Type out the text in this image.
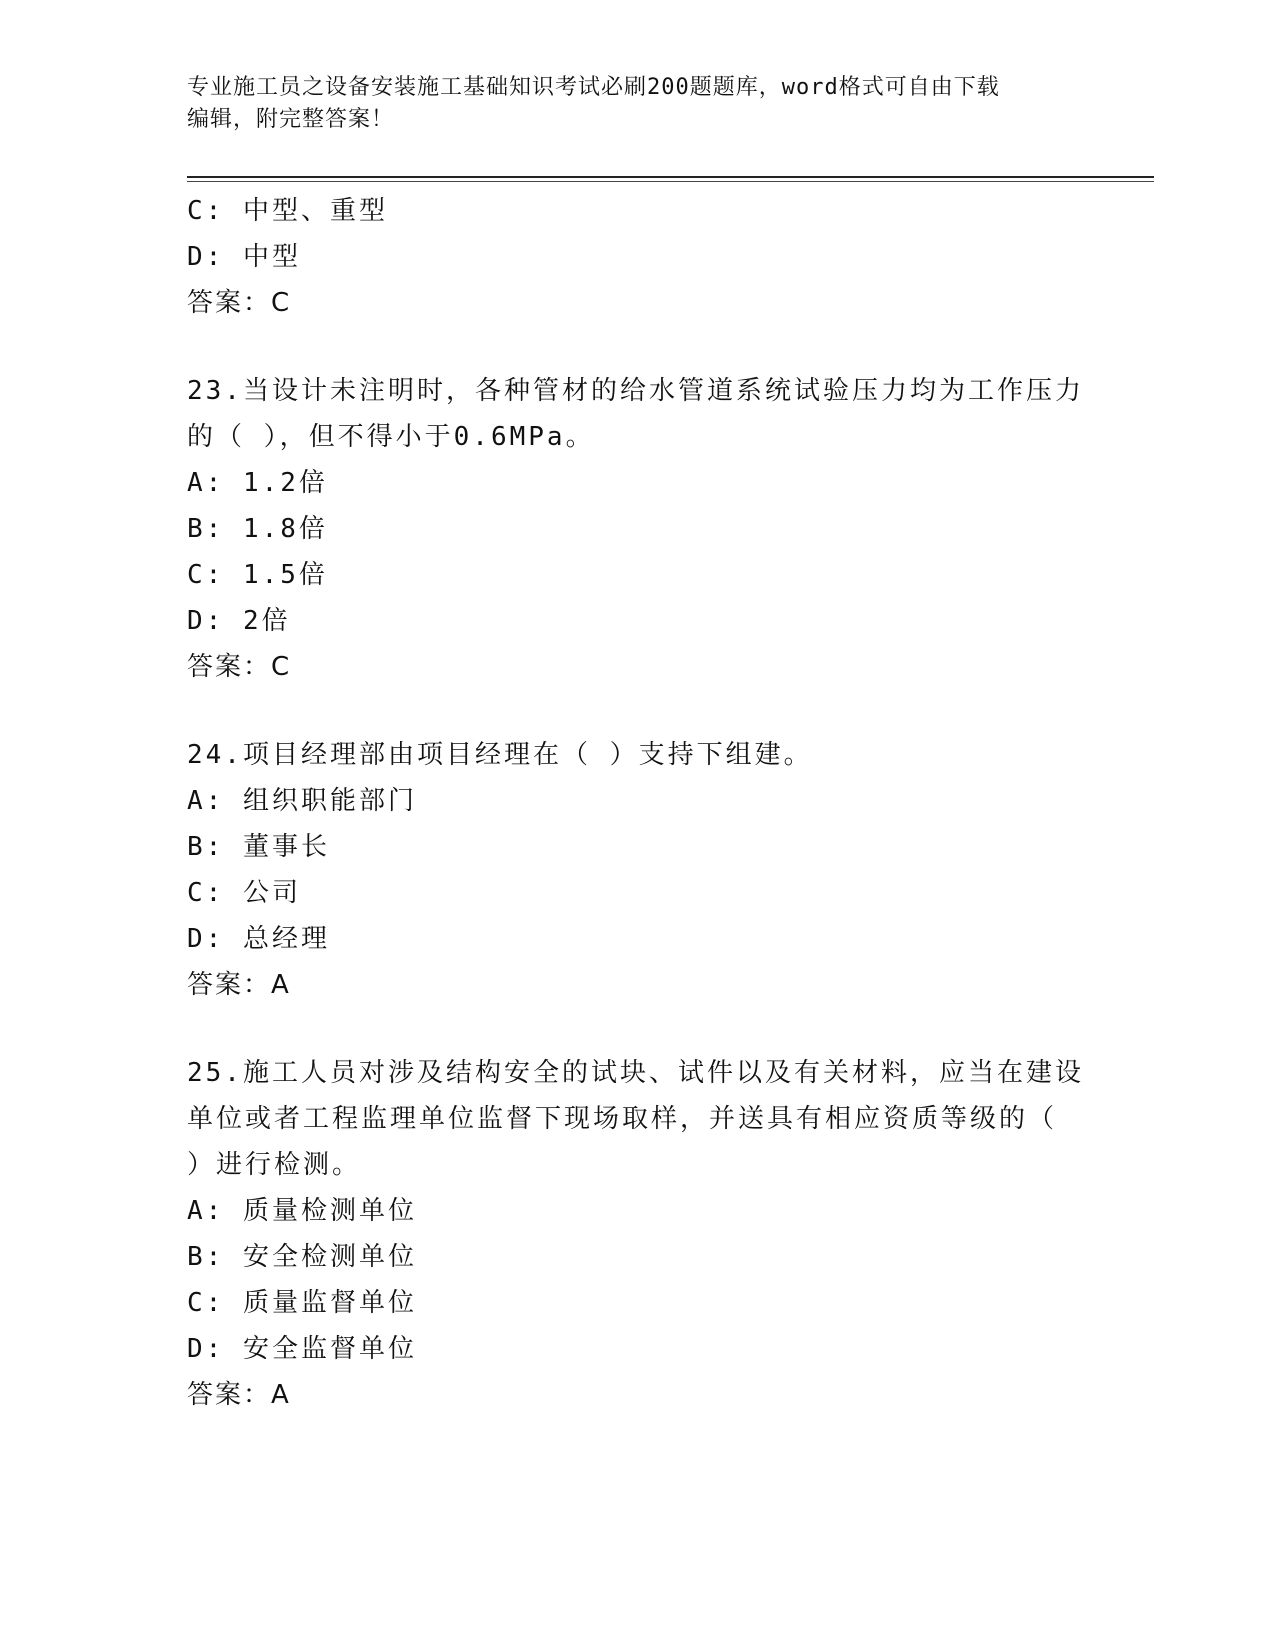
专业施工员之设备安装施工基础知识考试必刷200题题库，word格式可自由下载
编辑，附完整答案！
C: 中型、重型
D: 中型
答案：C
23.当设计未注明时，各种管材的给水管道系统试验压力均为工作压力
的（ ），但不得小于0.6MPa。
A: 1.2倍
B: 1.8倍
C: 1.5倍
D: 2倍
答案：C
24.项目经理部由项目经理在（ ）支持下组建。
A: 组织职能部门
B: 董事长
C: 公司
D: 总经理
答案：A
25.施工人员对涉及结构安全的试块、试件以及有关材料，应当在建设
单位或者工程监理单位监督下现场取样，并送具有相应资质等级的（
）进行检测。
A: 质量检测单位
B: 安全检测单位
C: 质量监督单位
D: 安全监督单位
答案：A
